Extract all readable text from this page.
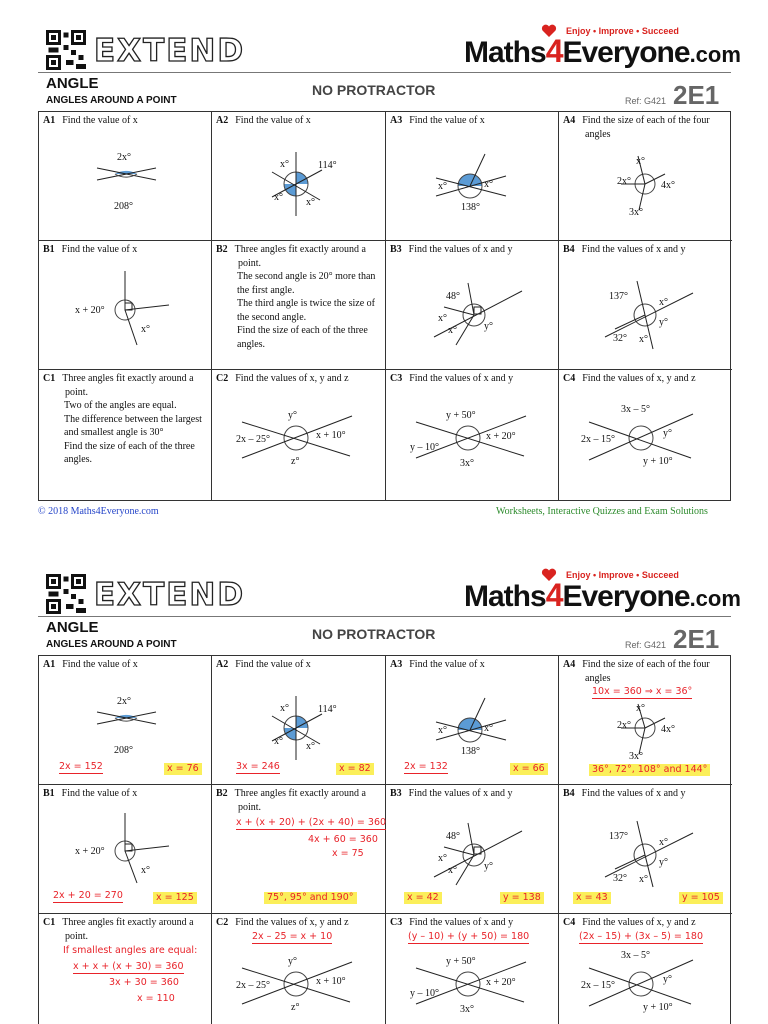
EXTEND
Enjoy • Improve • Succeed
Maths4Everyone.com
ANGLE
ANGLES AROUND A POINT
NO PROTRACTOR
Ref: G421 2E1
A1 Find the value of x
2x°
208°
A2 Find the value of x
x°	114°
x° x°
A3 Find the value of x
x°	x°
138°
A4 Find the size of each of the four angles
2x°	4x°
3x°
x°
B1 Find the value of x
x + 20°
x°
B2 Three angles fit exactly around a point.
The second angle is 20° more than the first angle.
The third angle is twice the size of the second angle.
Find the size of each of the three angles.
B3 Find the values of x and y
48°
x°
x°	y°
B4 Find the values of x and y
137°
x°
y°
x°
32°
C1 Three angles fit exactly around a point.
Two of the angles are equal.
The difference between the largest and smallest angle is 30°
Find the size of each of the three angles.
C2 Find the values of x, y and z
y°
2x – 25°	x + 10°
z°
C3 Find the values of x and y
y + 50°
y – 10°
x + 20°
3x°
C4 Find the values of x, y and z
3x – 5°
2x – 15°
y°
y + 10°
© 2018 Maths4Everyone.com	Worksheets, Interactive Quizzes and Exam Solutions
EXTEND
Enjoy • Improve • Succeed
Maths4Everyone.com
ANGLE
ANGLES AROUND A POINT
NO PROTRACTOR
Ref: G421 2E1
A1 Find the value of x
2x°
208°
2x = 152	x = 76
A2 Find the value of x
x°	114°
x° x°
3x = 246	x = 82
A3 Find the value of x
x°	x°
138°
2x = 132	x = 66
A4 Find the size of each of the four angles
10x = 360 ⇒ x = 36°
2x°	4x°
3x°
x°
36°, 72°, 108° and 144°
B1 Find the value of x
x + 20°
x°
2x + 20 = 270	x = 125
B2 Three angles fit exactly around a point.
x + (x + 20) + (2x + 40) = 360
4x + 60 = 360
x = 75
75°, 95° and 190°
B3 Find the values of x and y
48°
x°
x°	y°
x = 42	y = 138
B4 Find the values of x and y
137°
x°
y°
x°
32°
x = 43	y = 105
C1 Three angles fit exactly around a point.
If smallest angles are equal:
x + x + (x + 30) = 360
3x + 30 = 360
x = 110
C2 Find the values of x, y and z
2x – 25 = x + 10
y°
2x – 25°	x + 10°
z°
C3 Find the values of x and y
(y – 10) + (y + 50) = 180
y + 50°
y – 10°
x + 20°
3x°
C4 Find the values of x, y and z
(2x – 15) + (3x – 5) = 180
3x – 5°
2x – 15°
y°
y + 10°
